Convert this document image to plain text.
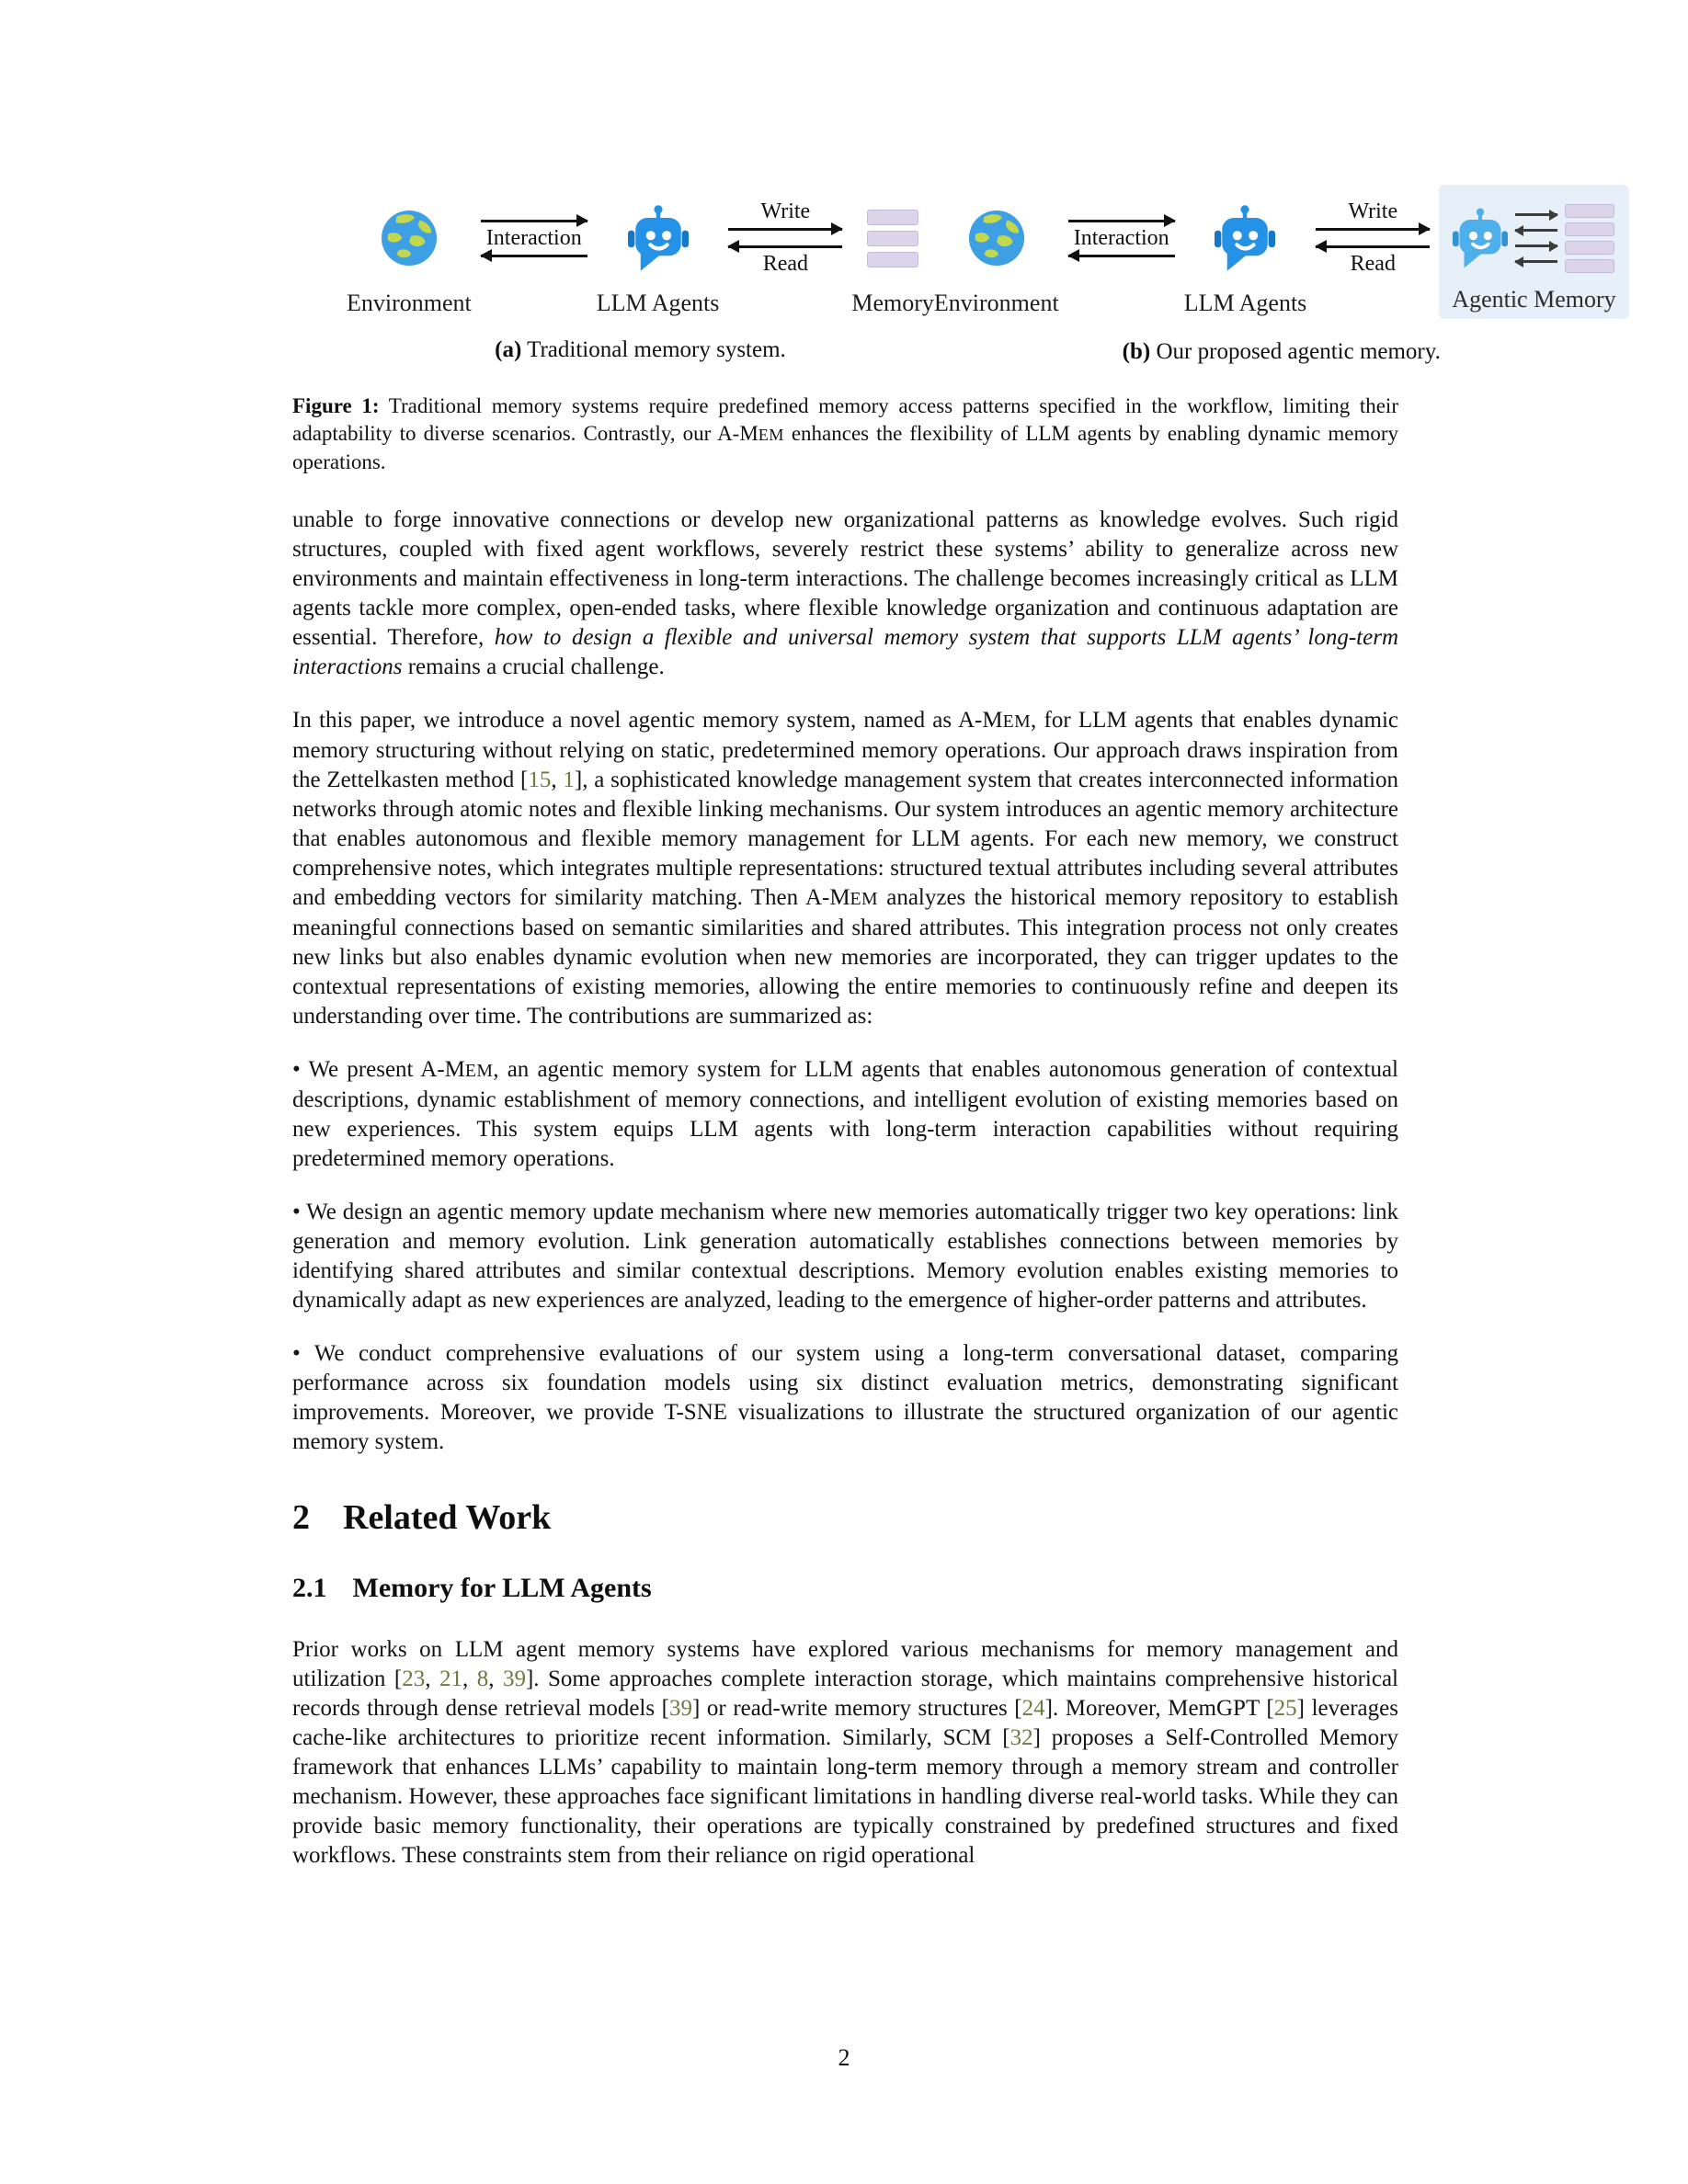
Environment
Interaction

LLM Agents
Write
Read

Memory
(a) Traditional memory system.
Environment
Interaction

LLM Agents
Write
Read

Agentic Memory
(b) Our proposed agentic memory.

Figure 1: Traditional memory systems require predefined memory access patterns specified in the workflow, limiting their adaptability to diverse scenarios. Contrastly, our A-MEM enhances the flexibility of LLM agents by enabling dynamic memory operations.

unable to forge innovative connections or develop new organizational patterns as knowledge evolves. Such rigid structures, coupled with fixed agent workflows, severely restrict these systems’ ability to generalize across new environments and maintain effectiveness in long-term interactions. The challenge becomes increasingly critical as LLM agents tackle more complex, open-ended tasks, where flexible knowledge organization and continuous adaptation are essential. Therefore, how to design a flexible and universal memory system that supports LLM agents’ long-term interactions remains a crucial challenge.

In this paper, we introduce a novel agentic memory system, named as A-MEM, for LLM agents that enables dynamic memory structuring without relying on static, predetermined memory operations. Our approach draws inspiration from the Zettelkasten method [15, 1], a sophisticated knowledge management system that creates interconnected information networks through atomic notes and flexible linking mechanisms. Our system introduces an agentic memory architecture that enables autonomous and flexible memory management for LLM agents. For each new memory, we construct comprehensive notes, which integrates multiple representations: structured textual attributes including several attributes and embedding vectors for similarity matching. Then A-MEM analyzes the historical memory repository to establish meaningful connections based on semantic similarities and shared attributes. This integration process not only creates new links but also enables dynamic evolution when new memories are incorporated, they can trigger updates to the contextual representations of existing memories, allowing the entire memories to continuously refine and deepen its understanding over time. The contributions are summarized as:

• We present A-MEM, an agentic memory system for LLM agents that enables autonomous generation of contextual descriptions, dynamic establishment of memory connections, and intelligent evolution of existing memories based on new experiences. This system equips LLM agents with long-term interaction capabilities without requiring predetermined memory operations.

• We design an agentic memory update mechanism where new memories automatically trigger two key operations: link generation and memory evolution. Link generation automatically establishes connections between memories by identifying shared attributes and similar contextual descriptions. Memory evolution enables existing memories to dynamically adapt as new experiences are analyzed, leading to the emergence of higher-order patterns and attributes.

• We conduct comprehensive evaluations of our system using a long-term conversational dataset, comparing performance across six foundation models using six distinct evaluation metrics, demonstrating significant improvements. Moreover, we provide T-SNE visualizations to illustrate the structured organization of our agentic memory system.

2 Related Work
2.1 Memory for LLM Agents

Prior works on LLM agent memory systems have explored various mechanisms for memory management and utilization [23, 21, 8, 39]. Some approaches complete interaction storage, which maintains comprehensive historical records through dense retrieval models [39] or read-write memory structures [24]. Moreover, MemGPT [25] leverages cache-like architectures to prioritize recent information. Similarly, SCM [32] proposes a Self-Controlled Memory framework that enhances LLMs’ capability to maintain long-term memory through a memory stream and controller mechanism. However, these approaches face significant limitations in handling diverse real-world tasks. While they can provide basic memory functionality, their operations are typically constrained by predefined structures and fixed workflows. These constraints stem from their reliance on rigid operational

2
